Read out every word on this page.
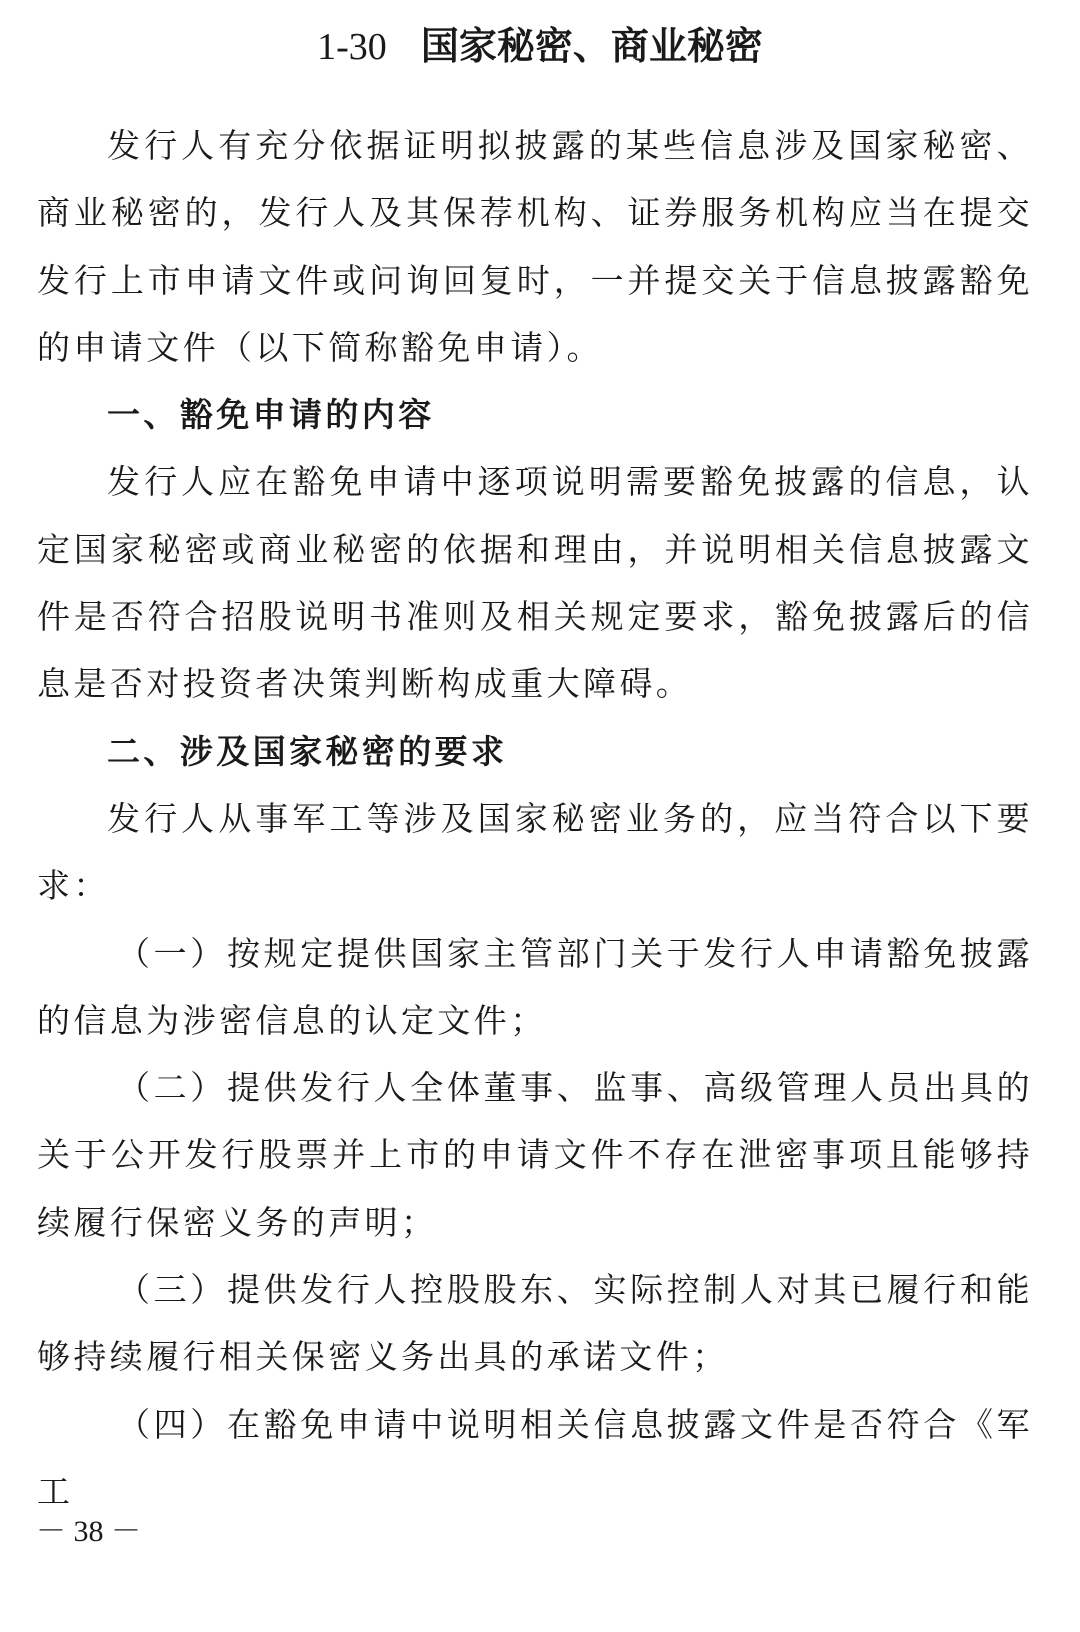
1-30 国家秘密、商业秘密

发行人有充分依据证明拟披露的某些信息涉及国家秘密、商业秘密的，发行人及其保荐机构、证券服务机构应当在提交发行上市申请文件或问询回复时，一并提交关于信息披露豁免的申请文件（以下简称豁免申请）。

一、豁免申请的内容

发行人应在豁免申请中逐项说明需要豁免披露的信息，认定国家秘密或商业秘密的依据和理由，并说明相关信息披露文件是否符合招股说明书准则及相关规定要求，豁免披露后的信息是否对投资者决策判断构成重大障碍。

二、涉及国家秘密的要求

发行人从事军工等涉及国家秘密业务的，应当符合以下要求：

（一）按规定提供国家主管部门关于发行人申请豁免披露的信息为涉密信息的认定文件；

（二）提供发行人全体董事、监事、高级管理人员出具的关于公开发行股票并上市的申请文件不存在泄密事项且能够持续履行保密义务的声明；

（三）提供发行人控股股东、实际控制人对其已履行和能够持续履行相关保密义务出具的承诺文件；

（四）在豁免申请中说明相关信息披露文件是否符合《军工

－ 38 －
